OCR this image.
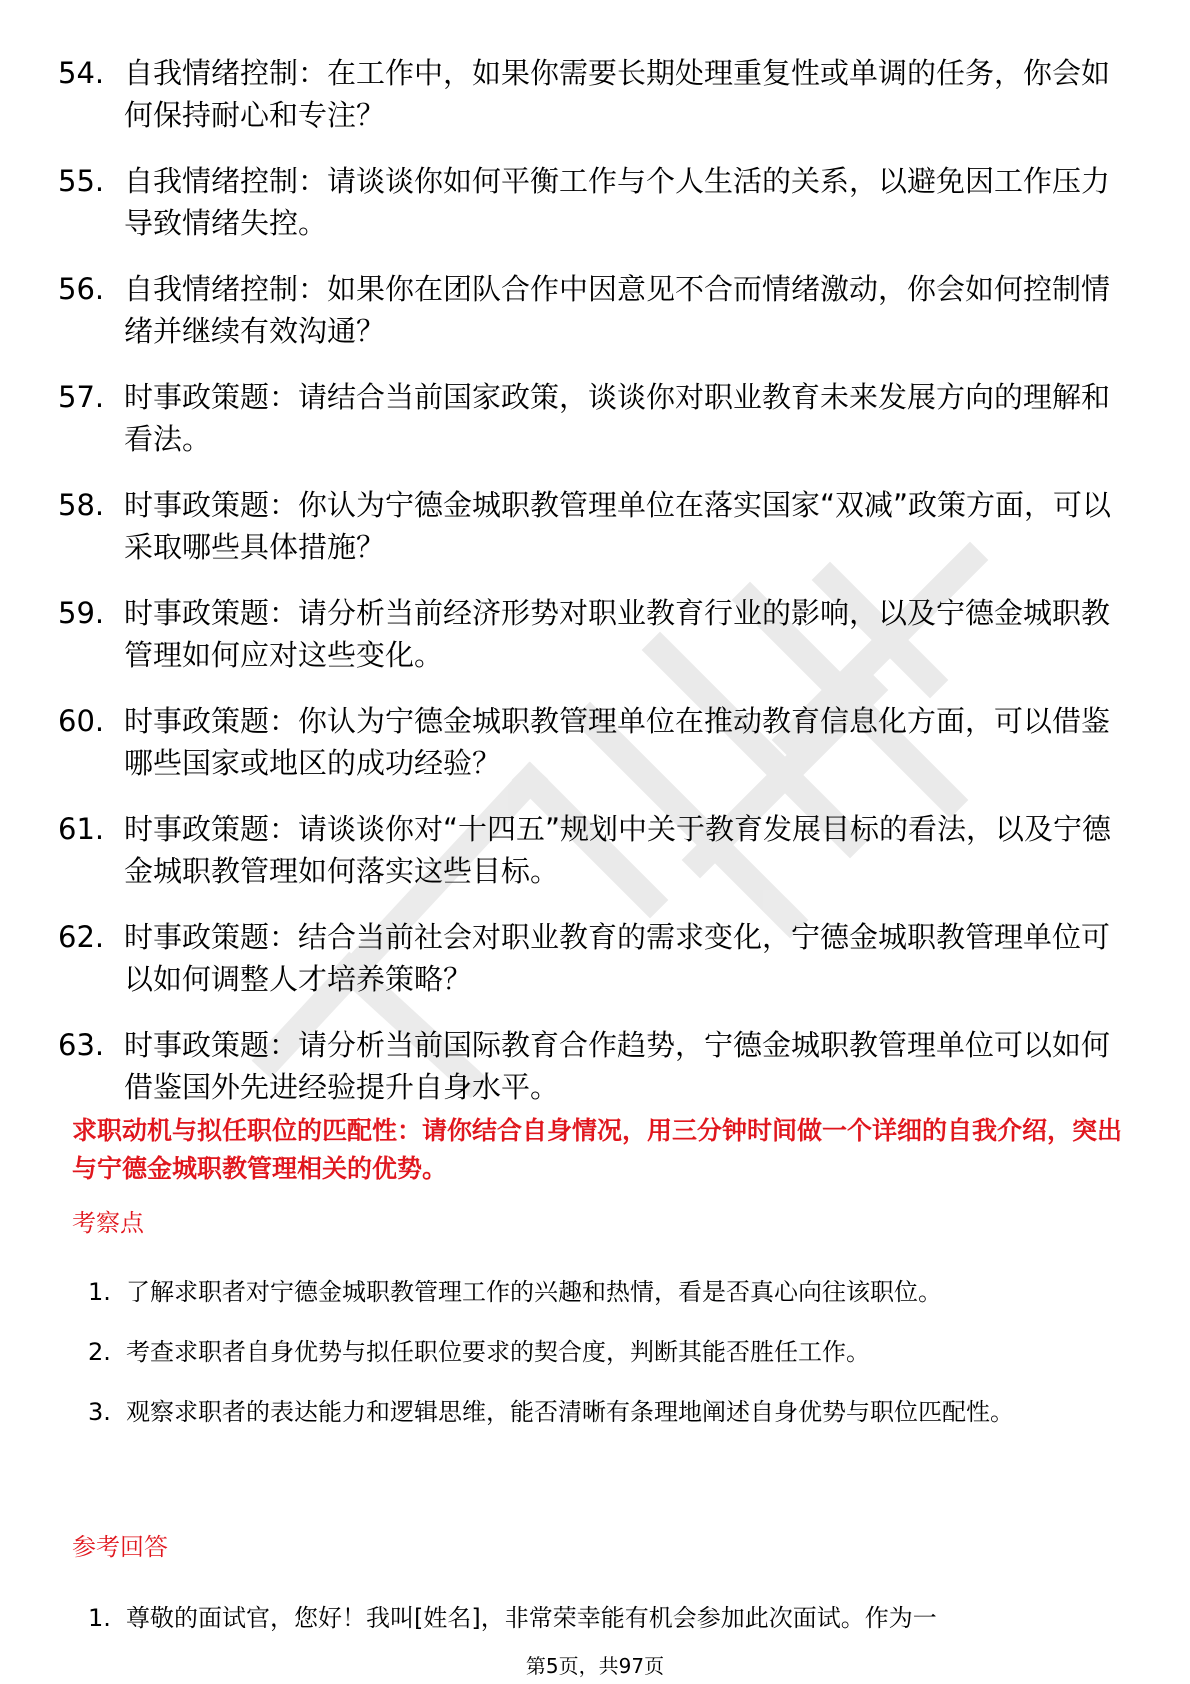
54. 自我情绪控制：在工作中，如果你需要长期处理重复性或单调的任务，你会如何保持耐心和专注？
55. 自我情绪控制：请谈谈你如何平衡工作与个人生活的关系，以避免因工作压力导致情绪失控。
56. 自我情绪控制：如果你在团队合作中因意见不合而情绪激动，你会如何控制情绪并继续有效沟通？
57. 时事政策题：请结合当前国家政策，谈谈你对职业教育未来发展方向的理解和看法。
58. 时事政策题：你认为宁德金城职教管理单位在落实国家“双减”政策方面，可以采取哪些具体措施？
59. 时事政策题：请分析当前经济形势对职业教育行业的影响，以及宁德金城职教管理如何应对这些变化。
60. 时事政策题：你认为宁德金城职教管理单位在推动教育信息化方面，可以借鉴哪些国家或地区的成功经验？
61. 时事政策题：请谈谈你对“十四五”规划中关于教育发展目标的看法，以及宁德金城职教管理如何落实这些目标。
62. 时事政策题：结合当前社会对职业教育的需求变化，宁德金城职教管理单位可以如何调整人才培养策略？
63. 时事政策题：请分析当前国际教育合作趋势，宁德金城职教管理单位可以如何借鉴国外先进经验提升自身水平。
求职动机与拟任职位的匹配性：请你结合自身情况，用三分钟时间做一个详细的自我介绍，突出与宁德金城职教管理相关的优势。
考察点
1. 了解求职者对宁德金城职教管理工作的兴趣和热情，看是否真心向往该职位。
2. 考查求职者自身优势与拟任职位要求的契合度，判断其能否胜任工作。
3. 观察求职者的表达能力和逻辑思维，能否清晰有条理地阐述自身优势与职位匹配性。
参考回答
1. 尊敬的面试官，您好！我叫[姓名]，非常荣幸能有机会参加此次面试。作为一
第5页，共97页
